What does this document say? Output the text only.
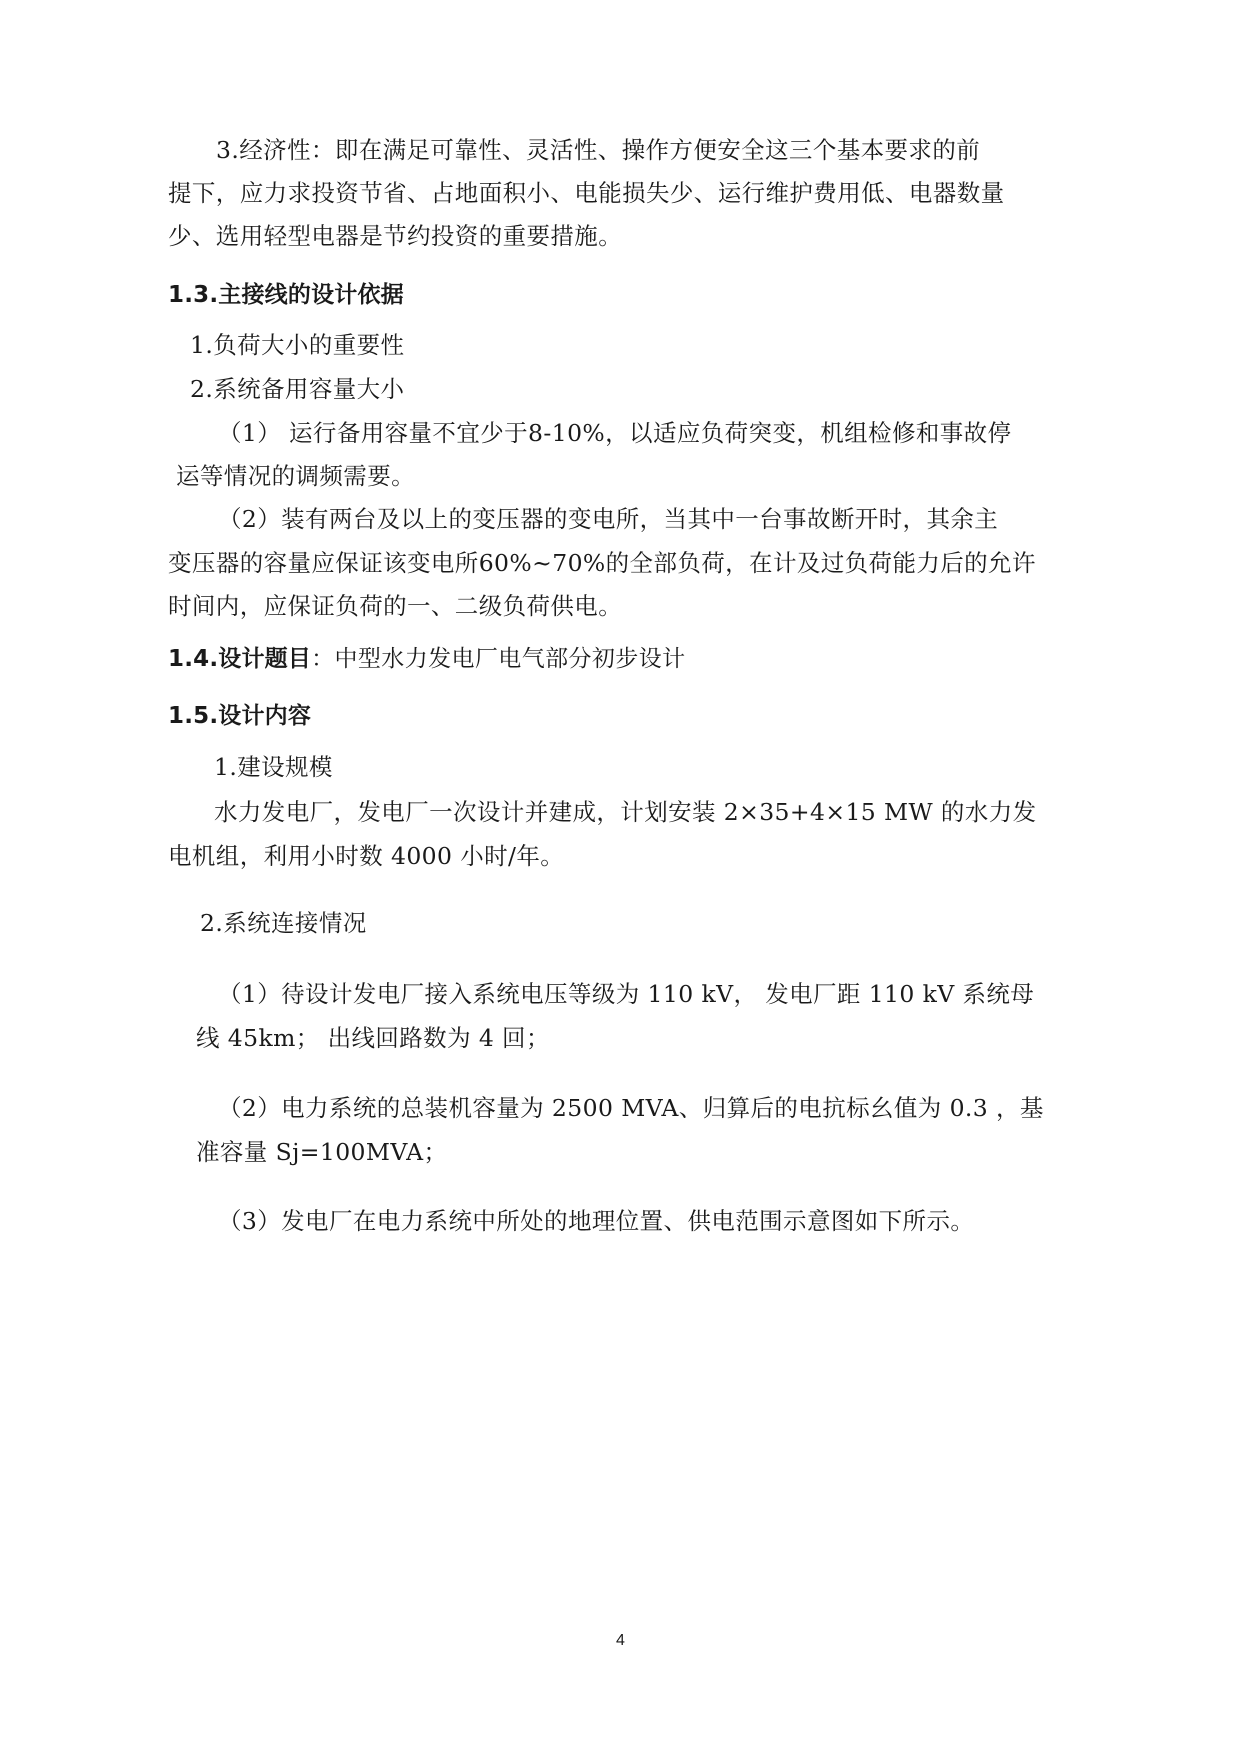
3.经济性：即在满足可靠性、灵活性、操作方便安全这三个基本要求的前
提下，应力求投资节省、占地面积小、电能损失少、运行维护费用低、电器数量
少、选用轻型电器是节约投资的重要措施。
1.3.主接线的设计依据
1.负荷大小的重要性
2.系统备用容量大小
（1） 运行备用容量不宜少于8-10%，以适应负荷突变，机组检修和事故停
运等情况的调频需要。
（2）装有两台及以上的变压器的变电所，当其中一台事故断开时，其余主
变压器的容量应保证该变电所60%~70%的全部负荷，在计及过负荷能力后的允许
时间内，应保证负荷的一、二级负荷供电。
1.4.设计题目：中型水力发电厂电气部分初步设计
1.5.设计内容
1.建设规模
水力发电厂，发电厂一次设计并建成，计划安装 2×35+4×15 MW 的水力发
电机组，利用小时数 4000 小时/年。
2.系统连接情况
（1）待设计发电厂接入系统电压等级为 110 kV， 发电厂距 110 kV 系统母
线 45km； 出线回路数为 4 回；
（2）电力系统的总装机容量为 2500 MVA、归算后的电抗标幺值为 0.3 ，基
准容量 Sj=100MVA；
（3）发电厂在电力系统中所处的地理位置、供电范围示意图如下所示。
4
